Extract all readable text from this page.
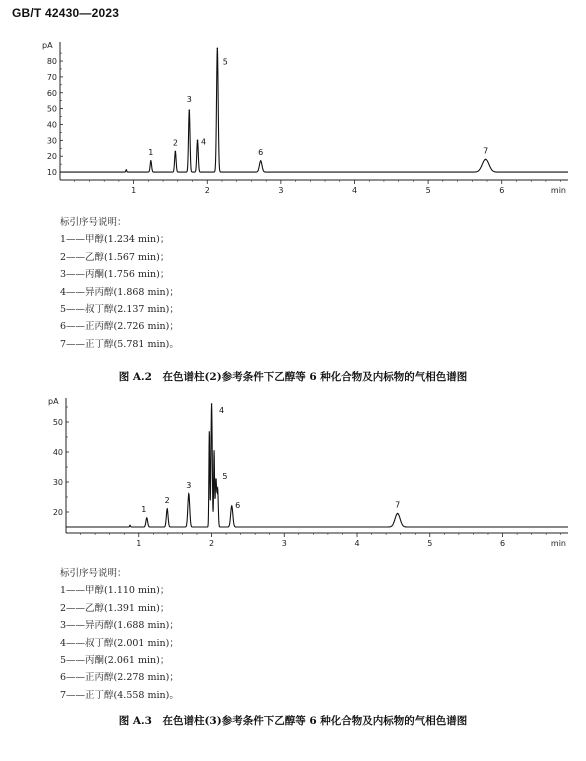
GB/T 42430—2023
pA
10
20
30
40
50
60
70
80
1	2	3	4	5	6	min
1
2
3
4
5
6	7
标引序号说明：
1——甲醇(1.234 min)；
2——乙醇(1.567 min)；
3——丙酮(1.756 min)；
4——异丙醇(1.868 min)；
5——叔丁醇(2.137 min)；
6——正丙醇(2.726 min)；
7——正丁醇(5.781 min)。
图 A.2　在色谱柱(2)参考条件下乙醇等 6 种化合物及内标物的气相色谱图
pA
20
30
40
50
1	2	3	4	5	6	min
1
2
3
4
5
6	7
标引序号说明：
1——甲醇(1.110 min)；
2——乙醇(1.391 min)；
3——异丙醇(1.688 min)；
4——叔丁醇(2.001 min)；
5——丙酮(2.061 min)；
6——正丙醇(2.278 min)；
7——正丁醇(4.558 min)。
图 A.3　在色谱柱(3)参考条件下乙醇等 6 种化合物及内标物的气相色谱图
